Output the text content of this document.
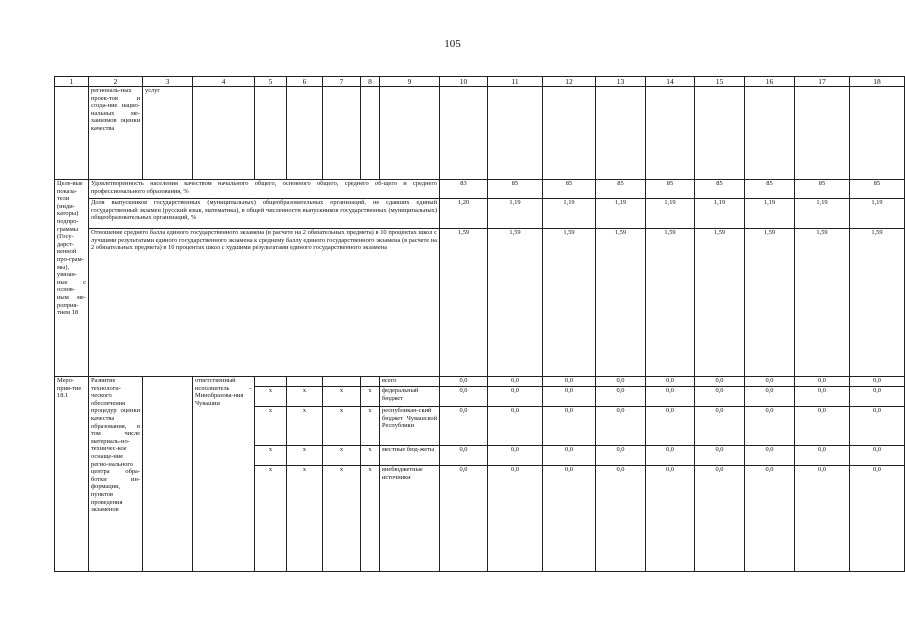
105
1	2	3	4	5	6	7	8	9	10	11	12	13	14	15	16	17	18
	региональ-ных проек-тов и созда-ние нацио-нальных ме-ханизмов оценки качества	услуг															
Целе-вые показа-тели (инди-каторы) подпро-граммы (Госу-дарст-венной про-грам-мы), увязан-ные с основ-ным ме-роприя-тием 18	Удовлетворенность населения качеством начального общего, основного общего, среднего об-щего и среднего профессионального образования, %								83	85	85	85	85	85	85	85	85
	Доля выпускников государственных (муниципальных) общеобразовательных организаций, не сдавших единый государственный экзамен (русский язык, математика), в общей численности выпускников государственных (муниципальных) общеобразовательных организаций, %								1,20	1,19	1,19	1,19	1,19	1,19	1,19	1,19	1,19
	Отношение среднего балла единого государственного экзамена (в расчете на 2 обязательных предмета) в 10 процентах школ с лучшими результатами единого государственного экзамена к среднему баллу единого государственного экзамена (в расчете на 2 обязательных предмета) в 10 процентах школ с худшими результатами единого государственного экзамена								1,59	1,59	1,59	1,59	1,59	1,59	1,59	1,59	1,59
Меро-прия-тие 18.1	Развитие технологи-ческого обеспечения процедур оценки качества образования, в том числе материаль-но-техничес-кое оснаще-ние регио-нального центра обра-ботки ин-формации, пунктов проведения экзаменов		ответственный исполнитель – Минобразова-ния Чувашии					всего	0,0	0,0	0,0	0,0	0,0	0,0	0,0	0,0	0,0
				x	x	x	x	федеральный бюджет	0,0	0,0	0,0	0,0	0,0	0,0	0,0	0,0	0,0
				x	x	x	x	республикан-ский бюджет Чувашской Республики	0,0	0,0	0,0	0,0	0,0	0,0	0,0	0,0	0,0
				x	x	x	x	местные бюд-жеты	0,0	0,0	0,0	0,0	0,0	0,0	0,0	0,0	0,0
				x	x	x	x	внебюджетные источники	0,0	0,0	0,0	0,0	0,0	0,0	0,0	0,0	0,0
